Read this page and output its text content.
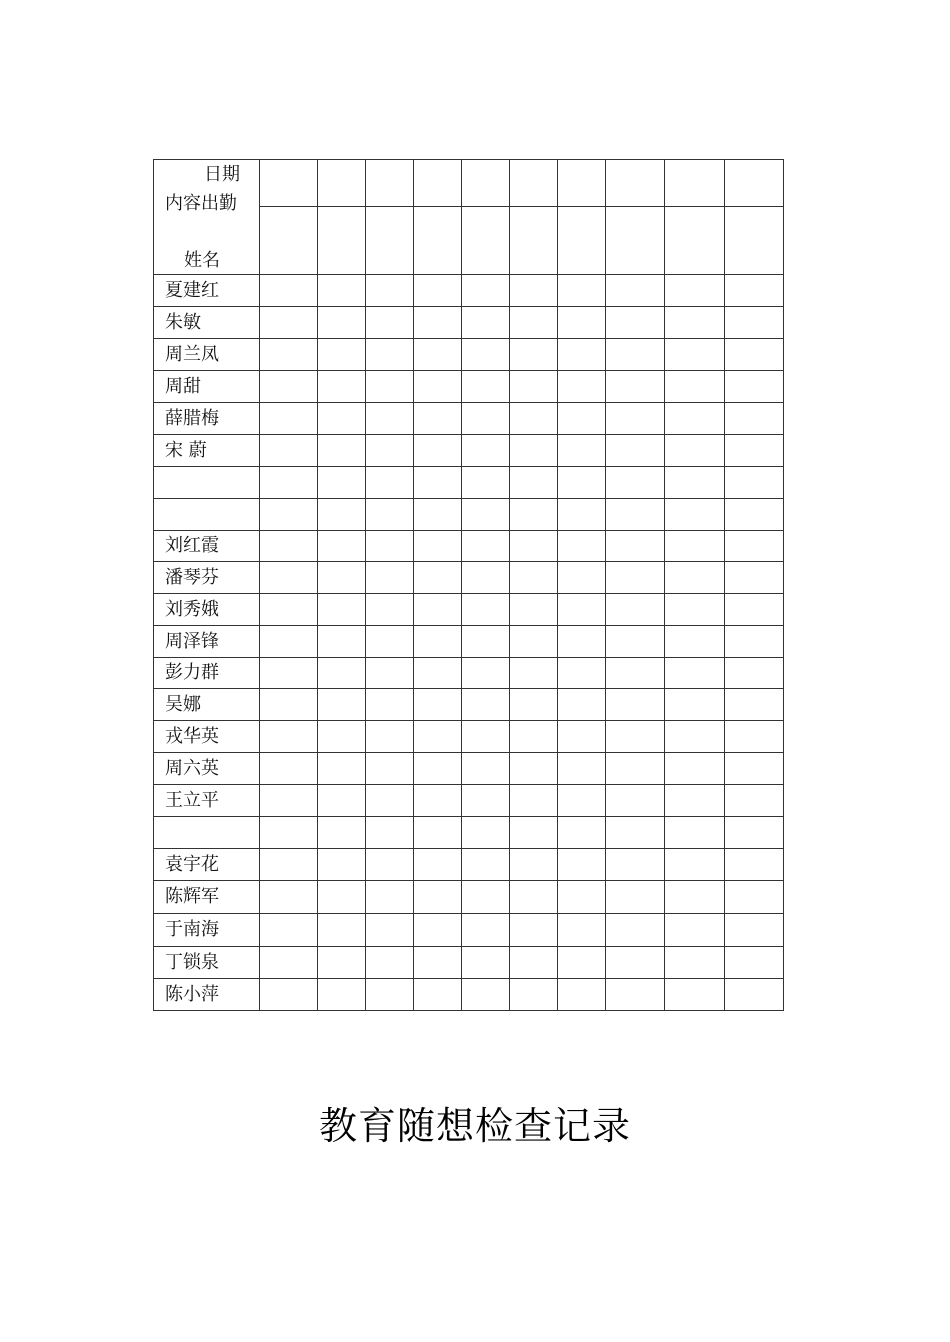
日期
内容出勤
姓名										

夏建红										
朱敏										
周兰凤										
周甜										
薛腊梅										
宋 蔚										

刘红霞										
潘琴芬										
刘秀娥										
周泽锋										
彭力群										
吴娜										
戎华英										
周六英										
王立平										

袁宇花										
陈辉军										
于南海										
丁锁泉										
陈小萍										
教育随想检查记录
